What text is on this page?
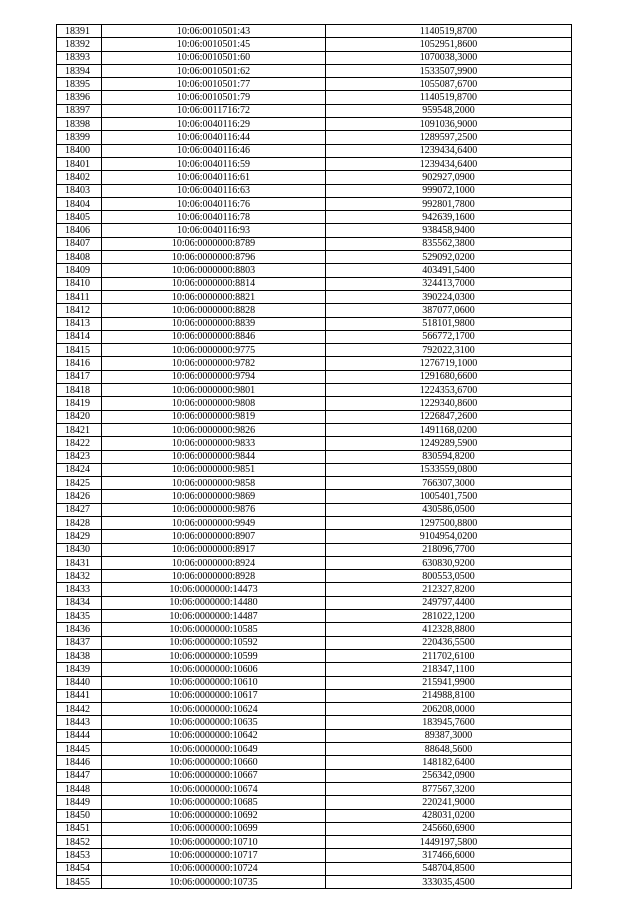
18391	10:06:0010501:43	1140519,8700
18392	10:06:0010501:45	1052951,8600
18393	10:06:0010501:60	1070038,3000
18394	10:06:0010501:62	1533507,9900
18395	10:06:0010501:77	1055087,6700
18396	10:06:0010501:79	1140519,8700
18397	10:06:0011716:72	959548,2000
18398	10:06:0040116:29	1091036,9000
18399	10:06:0040116:44	1289597,2500
18400	10:06:0040116:46	1239434,6400
18401	10:06:0040116:59	1239434,6400
18402	10:06:0040116:61	902927,0900
18403	10:06:0040116:63	999072,1000
18404	10:06:0040116:76	992801,7800
18405	10:06:0040116:78	942639,1600
18406	10:06:0040116:93	938458,9400
18407	10:06:0000000:8789	835562,3800
18408	10:06:0000000:8796	529092,0200
18409	10:06:0000000:8803	403491,5400
18410	10:06:0000000:8814	324413,7000
18411	10:06:0000000:8821	390224,0300
18412	10:06:0000000:8828	387077,0600
18413	10:06:0000000:8839	518101,9800
18414	10:06:0000000:8846	566772,1700
18415	10:06:0000000:9775	792022,3100
18416	10:06:0000000:9782	1276719,1000
18417	10:06:0000000:9794	1291680,6600
18418	10:06:0000000:9801	1224353,6700
18419	10:06:0000000:9808	1229340,8600
18420	10:06:0000000:9819	1226847,2600
18421	10:06:0000000:9826	1491168,0200
18422	10:06:0000000:9833	1249289,5900
18423	10:06:0000000:9844	830594,8200
18424	10:06:0000000:9851	1533559,0800
18425	10:06:0000000:9858	766307,3000
18426	10:06:0000000:9869	1005401,7500
18427	10:06:0000000:9876	430586,0500
18428	10:06:0000000:9949	1297500,8800
18429	10:06:0000000:8907	9104954,0200
18430	10:06:0000000:8917	218096,7700
18431	10:06:0000000:8924	630830,9200
18432	10:06:0000000:8928	800553,0500
18433	10:06:0000000:14473	212327,8200
18434	10:06:0000000:14480	249797,4400
18435	10:06:0000000:14487	281022,1200
18436	10:06:0000000:10585	412328,8800
18437	10:06:0000000:10592	220436,5500
18438	10:06:0000000:10599	211702,6100
18439	10:06:0000000:10606	218347,1100
18440	10:06:0000000:10610	215941,9900
18441	10:06:0000000:10617	214988,8100
18442	10:06:0000000:10624	206208,0000
18443	10:06:0000000:10635	183945,7600
18444	10:06:0000000:10642	89387,3000
18445	10:06:0000000:10649	88648,5600
18446	10:06:0000000:10660	148182,6400
18447	10:06:0000000:10667	256342,0900
18448	10:06:0000000:10674	877567,3200
18449	10:06:0000000:10685	220241,9000
18450	10:06:0000000:10692	428031,0200
18451	10:06:0000000:10699	245660,6900
18452	10:06:0000000:10710	1449197,5800
18453	10:06:0000000:10717	317466,6000
18454	10:06:0000000:10724	548704,8500
18455	10:06:0000000:10735	333035,4500
